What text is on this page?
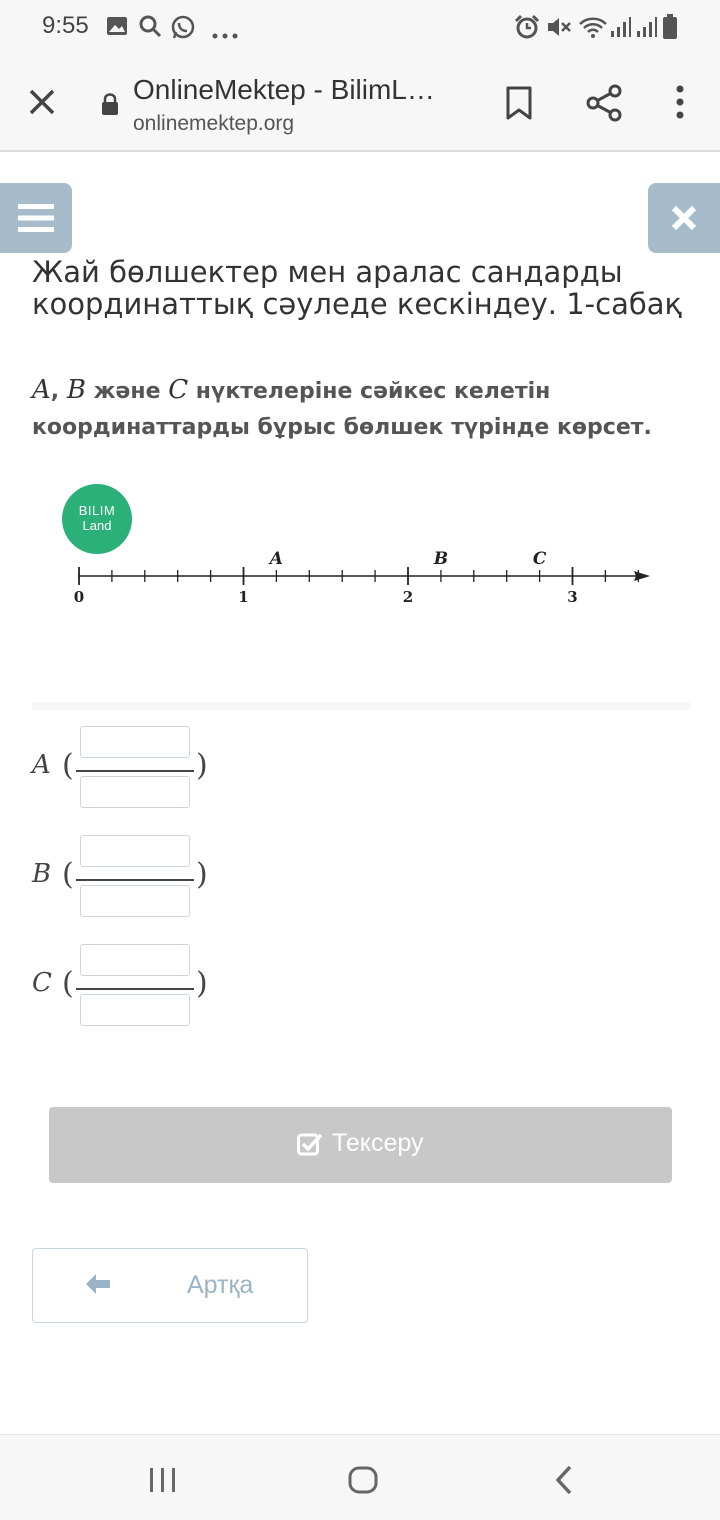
9:55
OnlineMektep - BilimL…
onlinemektep.org
Жай бөлшектер мен аралас сандарды координаттық сәуледе кескіндеу. 1-сабақ
A, B және C нүктелеріне сәйкес келетін
координаттарды бұрыс бөлшек түрінде көрсет.
BILIM
Land
0	1	2	3
A	B	C
A (	)
B (	)
C (	)
Тексеру
Артқа
